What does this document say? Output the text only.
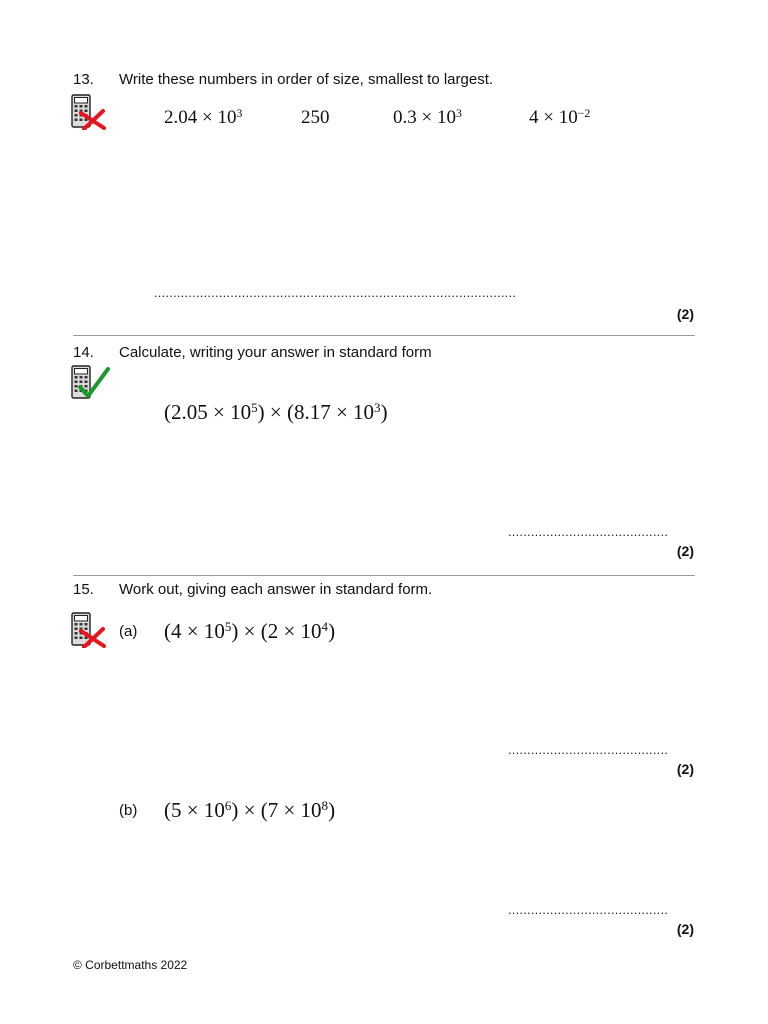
13. Write these numbers in order of size, smallest to largest.
$2.04 \times 10^3$	250	$0.3 \times 10^3$	$4 \times 10^{-2}$
...............................................................................................
(2)
14. Calculate, writing your answer in standard form
$(2.05 \times 10^5) \times (8.17 \times 10^3)$
..........................................
(2)
15. Work out, giving each answer in standard form.
(a) $(4 \times 10^5) \times (2 \times 10^4)$
..........................................
(2)
(b) $(5 \times 10^6) \times (7 \times 10^8)$
..........................................
(2)
© Corbettmaths 2022
